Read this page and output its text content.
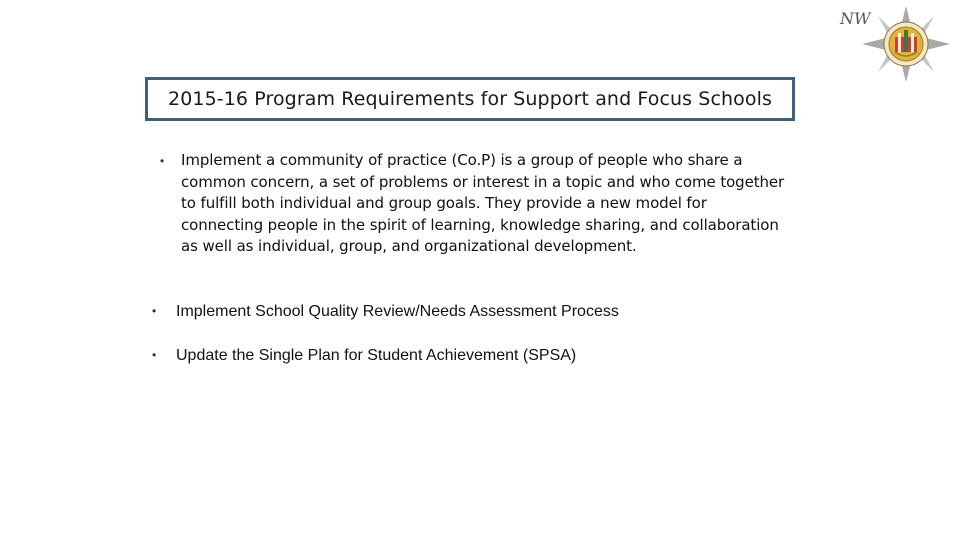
NW
2015-16 Program Requirements for Support and Focus Schools
•	Implement a community of practice (Co.P) is a group of people who share a common concern, a set of problems or interest in a topic and who come together to fulfill both individual and group goals. They provide a new model for connecting people in the spirit of learning, knowledge sharing, and collaboration as well as individual, group, and organizational development.
•	Implement School Quality Review/Needs Assessment Process
•	Update the Single Plan for Student Achievement (SPSA)
